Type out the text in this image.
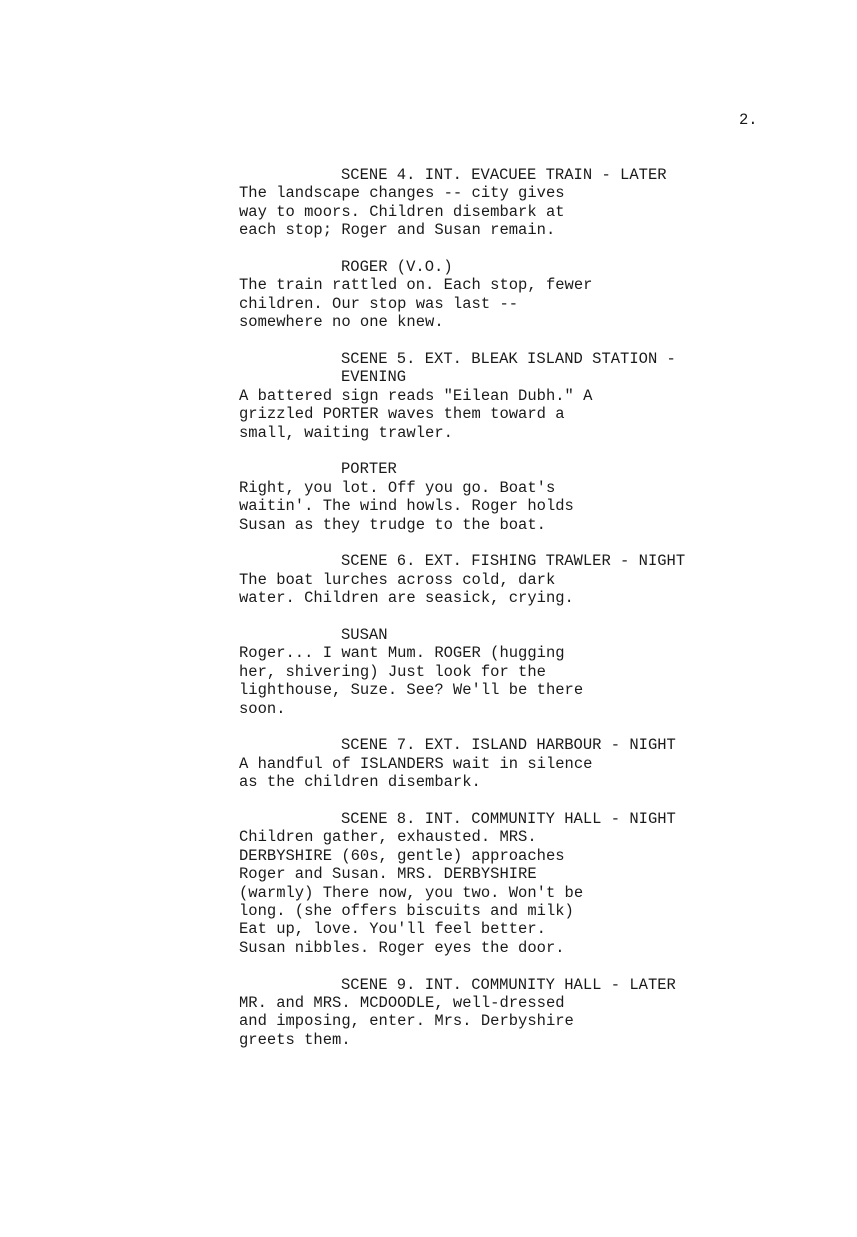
2.
SCENE 4. INT. EVACUEE TRAIN - LATER
The landscape changes -- city gives
way to moors. Children disembark at
each stop; Roger and Susan remain.
ROGER (V.O.)
The train rattled on. Each stop, fewer
children. Our stop was last --
somewhere no one knew.
SCENE 5. EXT. BLEAK ISLAND STATION -
EVENING
A battered sign reads "Eilean Dubh." A
grizzled PORTER waves them toward a
small, waiting trawler.
PORTER
Right, you lot. Off you go. Boat's
waitin'. The wind howls. Roger holds
Susan as they trudge to the boat.
SCENE 6. EXT. FISHING TRAWLER - NIGHT
The boat lurches across cold, dark
water. Children are seasick, crying.
SUSAN
Roger... I want Mum. ROGER (hugging
her, shivering) Just look for the
lighthouse, Suze. See? We'll be there
soon.
SCENE 7. EXT. ISLAND HARBOUR - NIGHT
A handful of ISLANDERS wait in silence
as the children disembark.
SCENE 8. INT. COMMUNITY HALL - NIGHT
Children gather, exhausted. MRS.
DERBYSHIRE (60s, gentle) approaches
Roger and Susan. MRS. DERBYSHIRE
(warmly) There now, you two. Won't be
long. (she offers biscuits and milk)
Eat up, love. You'll feel better.
Susan nibbles. Roger eyes the door.
SCENE 9. INT. COMMUNITY HALL - LATER
MR. and MRS. MCDOODLE, well-dressed
and imposing, enter. Mrs. Derbyshire
greets them.
